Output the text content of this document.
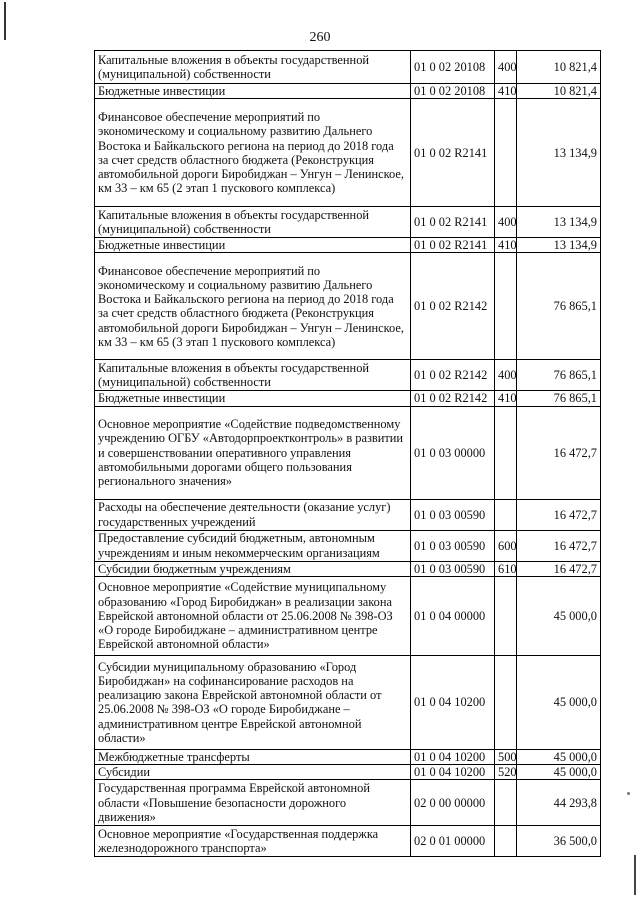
260
Капитальные вложения в объекты государственной (муниципальной) собственности	01 0 02 20108	400	10 821,4
Бюджетные инвестиции	01 0 02 20108	410	10 821,4
Финансовое обеспечение мероприятий по экономическому и социальному развитию Дальнего Востока и Байкальского региона на период до 2018 года за счет средств областного бюджета (Реконструкция автомобильной дороги Биробиджан – Унгун – Ленинское, км 33 – км 65 (2 этап 1 пускового комплекса)	01 0 02 R2141		13 134,9
Капитальные вложения в объекты государственной (муниципальной) собственности	01 0 02 R2141	400	13 134,9
Бюджетные инвестиции	01 0 02 R2141	410	13 134,9
Финансовое обеспечение мероприятий по экономическому и социальному развитию Дальнего Востока и Байкальского региона на период до 2018 года за счет средств областного бюджета (Реконструкция автомобильной дороги Биробиджан – Унгун – Ленинское, км 33 – км 65 (3 этап 1 пускового комплекса)	01 0 02 R2142		76 865,1
Капитальные вложения в объекты государственной (муниципальной) собственности	01 0 02 R2142	400	76 865,1
Бюджетные инвестиции	01 0 02 R2142	410	76 865,1
Основное мероприятие «Содействие подведомственному учреждению ОГБУ «Автодорпроектконтроль» в развитии и совершенствовании оперативного управления автомобильными дорогами общего пользования регионального значения»	01 0 03 00000		16 472,7
Расходы на обеспечение деятельности (оказание услуг) государственных учреждений	01 0 03 00590		16 472,7
Предоставление субсидий бюджетным, автономным учреждениям и иным некоммерческим организациям	01 0 03 00590	600	16 472,7
Субсидии бюджетным учреждениям	01 0 03 00590	610	16 472,7
Основное мероприятие «Содействие муниципальному образованию «Город Биробиджан» в реализации закона Еврейской автономной области от 25.06.2008 № 398-ОЗ «О городе Биробиджане – административном центре Еврейской автономной области»	01 0 04 00000		45 000,0
Субсидии муниципальному образованию «Город Биробиджан» на софинансирование расходов на реализацию закона Еврейской автономной области от 25.06.2008 № 398-ОЗ «О городе Биробиджане – административном центре Еврейской автономной области»	01 0 04 10200		45 000,0
Межбюджетные трансферты	01 0 04 10200	500	45 000,0
Субсидии	01 0 04 10200	520	45 000,0
Государственная программа Еврейской автономной области «Повышение безопасности дорожного движения»	02 0 00 00000		44 293,8
Основное мероприятие «Государственная поддержка железнодорожного транспорта»	02 0 01 00000		36 500,0
